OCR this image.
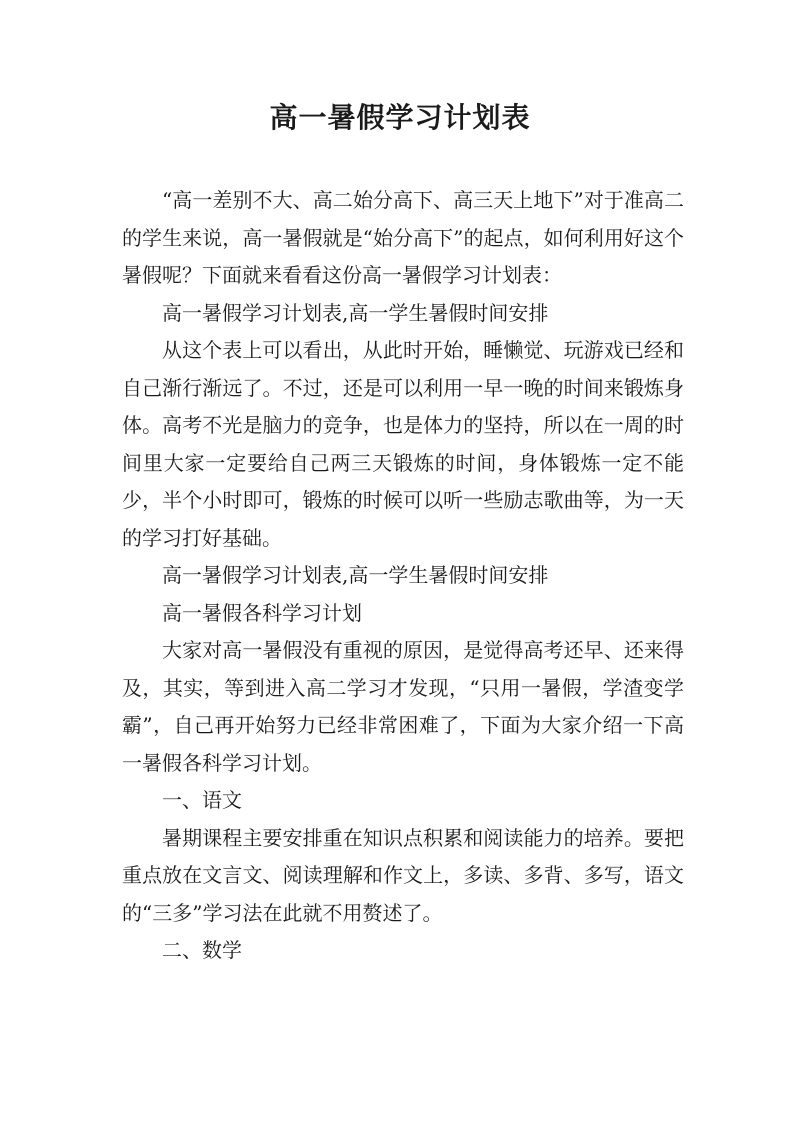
高一暑假学习计划表

“高一差别不大、高二始分高下、高三天上地下”对于准高二的学生来说，高一暑假就是“始分高下”的起点，如何利用好这个暑假呢？下面就来看看这份高一暑假学习计划表：

高一暑假学习计划表,高一学生暑假时间安排

从这个表上可以看出，从此时开始，睡懒觉、玩游戏已经和自己渐行渐远了。不过，还是可以利用一早一晚的时间来锻炼身体。高考不光是脑力的竞争，也是体力的坚持，所以在一周的时间里大家一定要给自己两三天锻炼的时间，身体锻炼一定不能少，半个小时即可，锻炼的时候可以听一些励志歌曲等，为一天的学习打好基础。

高一暑假学习计划表,高一学生暑假时间安排

高一暑假各科学习计划

大家对高一暑假没有重视的原因，是觉得高考还早、还来得及，其实，等到进入高二学习才发现，“只用一暑假，学渣变学霸”，自己再开始努力已经非常困难了，下面为大家介绍一下高一暑假各科学习计划。

一、语文

暑期课程主要安排重在知识点积累和阅读能力的培养。要把重点放在文言文、阅读理解和作文上，多读、多背、多写，语文的“三多”学习法在此就不用赘述了。

二、数学
